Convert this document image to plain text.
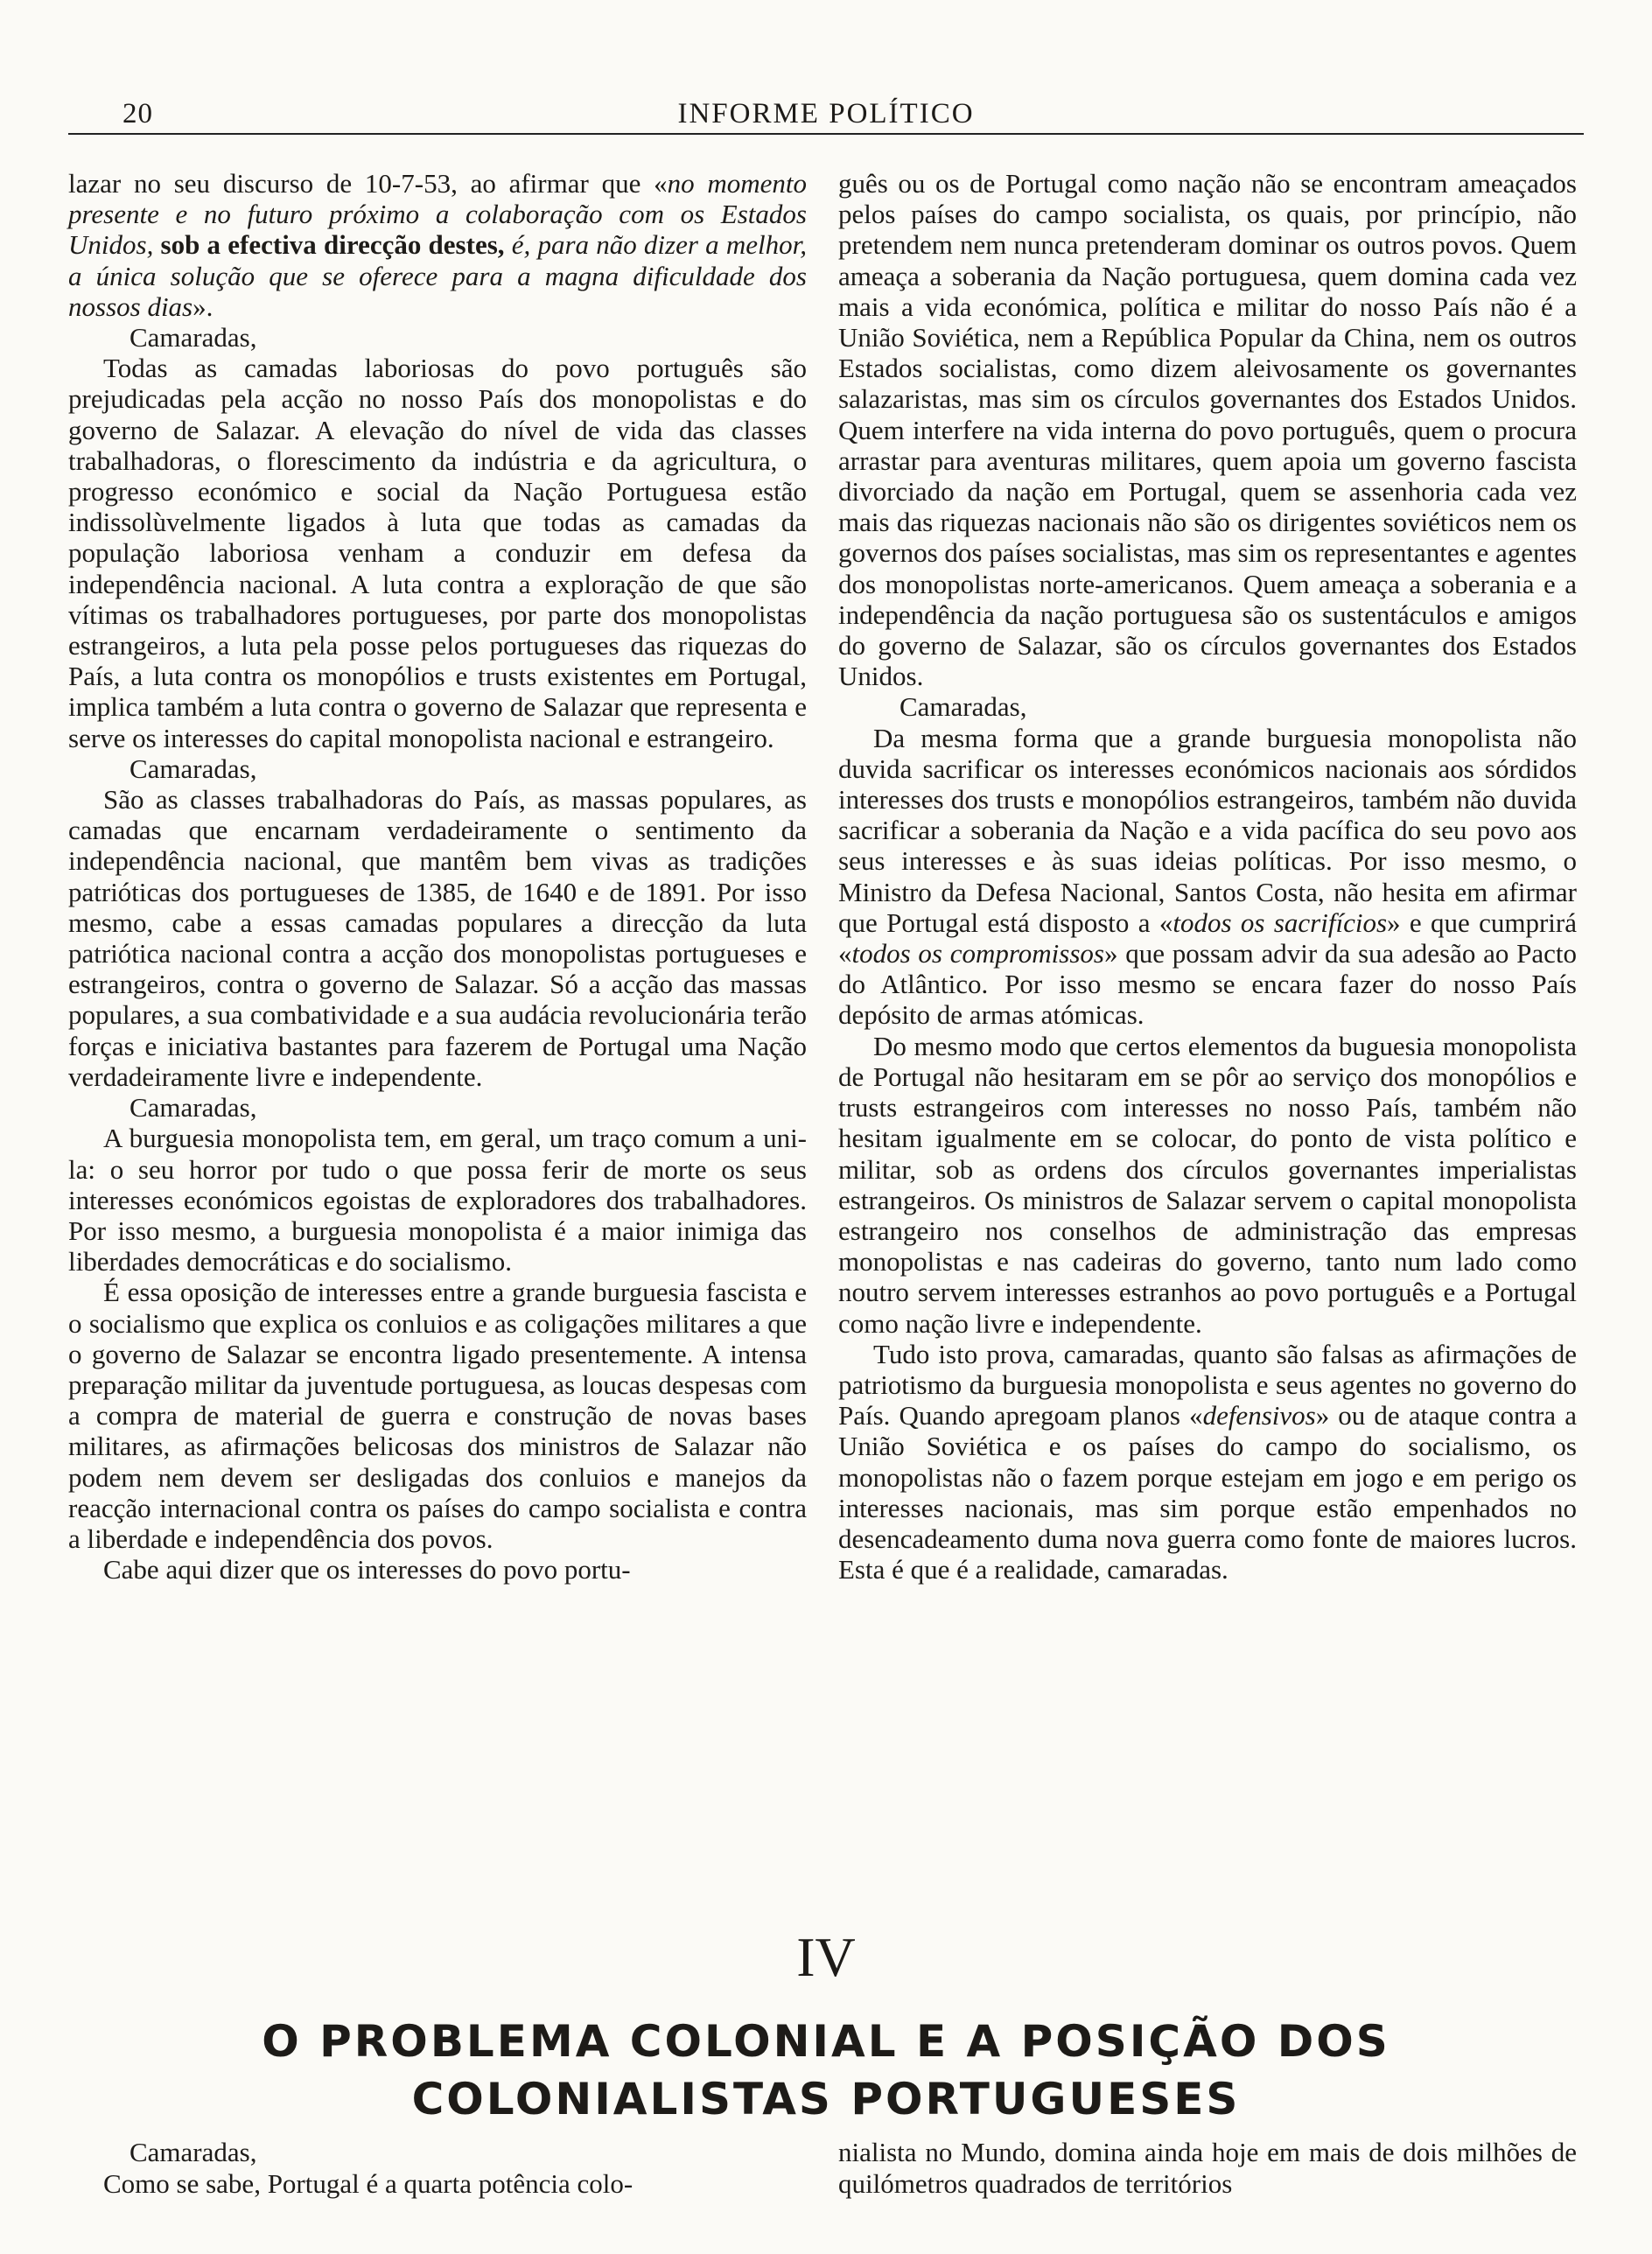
20	INFORME POLÍTICO

lazar no seu discurso de 10-7-53, ao afirmar que «no momento presente e no futuro próximo a colaboração com os Estados Unidos, sob a efectiva direcção destes, é, para não dizer a melhor, a única solução que se oferece para a magna dificuldade dos nossos dias».

Camaradas,

Todas as camadas laboriosas do povo português são prejudicadas pela acção no nosso País dos monopolistas e do governo de Salazar. A elevação do nível de vida das classes trabalhadoras, o florescimento da indústria e da agricultura, o progresso económico e social da Nação Portuguesa estão indissolùvelmente ligados à luta que todas as camadas da população laboriosa venham a conduzir em defesa da independência nacional. A luta contra a exploração de que são vítimas os trabalhadores portugueses, por parte dos monopolistas estrangeiros, a luta pela posse pelos portugueses das riquezas do País, a luta contra os monopólios e trusts existentes em Portugal, implica também a luta contra o governo de Salazar que representa e serve os interesses do capital monopolista nacional e estrangeiro.

Camaradas,

São as classes trabalhadoras do País, as massas populares, as camadas que encarnam verdadeiramente o sentimento da independência nacional, que mantêm bem vivas as tradições patrióticas dos portugueses de 1385, de 1640 e de 1891. Por isso mesmo, cabe a essas camadas populares a direcção da luta patriótica nacional contra a acção dos monopolistas portugueses e estrangeiros, contra o governo de Salazar. Só a acção das massas populares, a sua combatividade e a sua audácia revolucionária terão forças e iniciativa bastantes para fazerem de Portugal uma Nação verdadeiramente livre e independente.

Camaradas,

A burguesia monopolista tem, em geral, um traço comum a uni-la: o seu horror por tudo o que possa ferir de morte os seus interesses económicos egoistas de exploradores dos trabalhadores. Por isso mesmo, a burguesia monopolista é a maior inimiga das liberdades democráticas e do socialismo.

É essa oposição de interesses entre a grande burguesia fascista e o socialismo que explica os conluios e as coligações militares a que o governo de Salazar se encontra ligado presentemente. A intensa preparação militar da juventude portuguesa, as loucas despesas com a compra de material de guerra e construção de novas bases militares, as afirmações belicosas dos ministros de Salazar não podem nem devem ser desligadas dos conluios e manejos da reacção internacional contra os países do campo socialista e contra a liberdade e independência dos povos.

Cabe aqui dizer que os interesses do povo portu-

guês ou os de Portugal como nação não se encontram ameaçados pelos países do campo socialista, os quais, por princípio, não pretendem nem nunca pretenderam dominar os outros povos. Quem ameaça a soberania da Nação portuguesa, quem domina cada vez mais a vida económica, política e militar do nosso País não é a União Soviética, nem a República Popular da China, nem os outros Estados socialistas, como dizem aleivosamente os governantes salazaristas, mas sim os círculos governantes dos Estados Unidos. Quem interfere na vida interna do povo português, quem o procura arrastar para aventuras militares, quem apoia um governo fascista divorciado da nação em Portugal, quem se assenhoria cada vez mais das riquezas nacionais não são os dirigentes soviéticos nem os governos dos países socialistas, mas sim os representantes e agentes dos monopolistas norte-americanos. Quem ameaça a soberania e a independência da nação portuguesa são os sustentáculos e amigos do governo de Salazar, são os círculos governantes dos Estados Unidos.

Camaradas,

Da mesma forma que a grande burguesia monopolista não duvida sacrificar os interesses económicos nacionais aos sórdidos interesses dos trusts e monopólios estrangeiros, também não duvida sacrificar a soberania da Nação e a vida pacífica do seu povo aos seus interesses e às suas ideias políticas. Por isso mesmo, o Ministro da Defesa Nacional, Santos Costa, não hesita em afirmar que Portugal está disposto a «todos os sacrifícios» e que cumprirá «todos os compromissos» que possam advir da sua adesão ao Pacto do Atlântico. Por isso mesmo se encara fazer do nosso País depósito de armas atómicas.

Do mesmo modo que certos elementos da buguesia monopolista de Portugal não hesitaram em se pôr ao serviço dos monopólios e trusts estrangeiros com interesses no nosso País, também não hesitam igualmente em se colocar, do ponto de vista político e militar, sob as ordens dos círculos governantes imperialistas estrangeiros. Os ministros de Salazar servem o capital monopolista estrangeiro nos conselhos de administração das empresas monopolistas e nas cadeiras do governo, tanto num lado como noutro servem interesses estranhos ao povo português e a Portugal como nação livre e independente.

Tudo isto prova, camaradas, quanto são falsas as afirmações de patriotismo da burguesia monopolista e seus agentes no governo do País. Quando apregoam planos «defensivos» ou de ataque contra a União Soviética e os países do campo do socialismo, os monopolistas não o fazem porque estejam em jogo e em perigo os interesses nacionais, mas sim porque estão empenhados no desencadeamento duma nova guerra como fonte de maiores lucros. Esta é que é a realidade, camaradas.

IV
O PROBLEMA COLONIAL E A POSIÇÃO DOS
COLONIALISTAS PORTUGUESES

Camaradas,

Como se sabe, Portugal é a quarta potência colo-

nialista no Mundo, domina ainda hoje em mais de dois milhões de quilómetros quadrados de territórios
